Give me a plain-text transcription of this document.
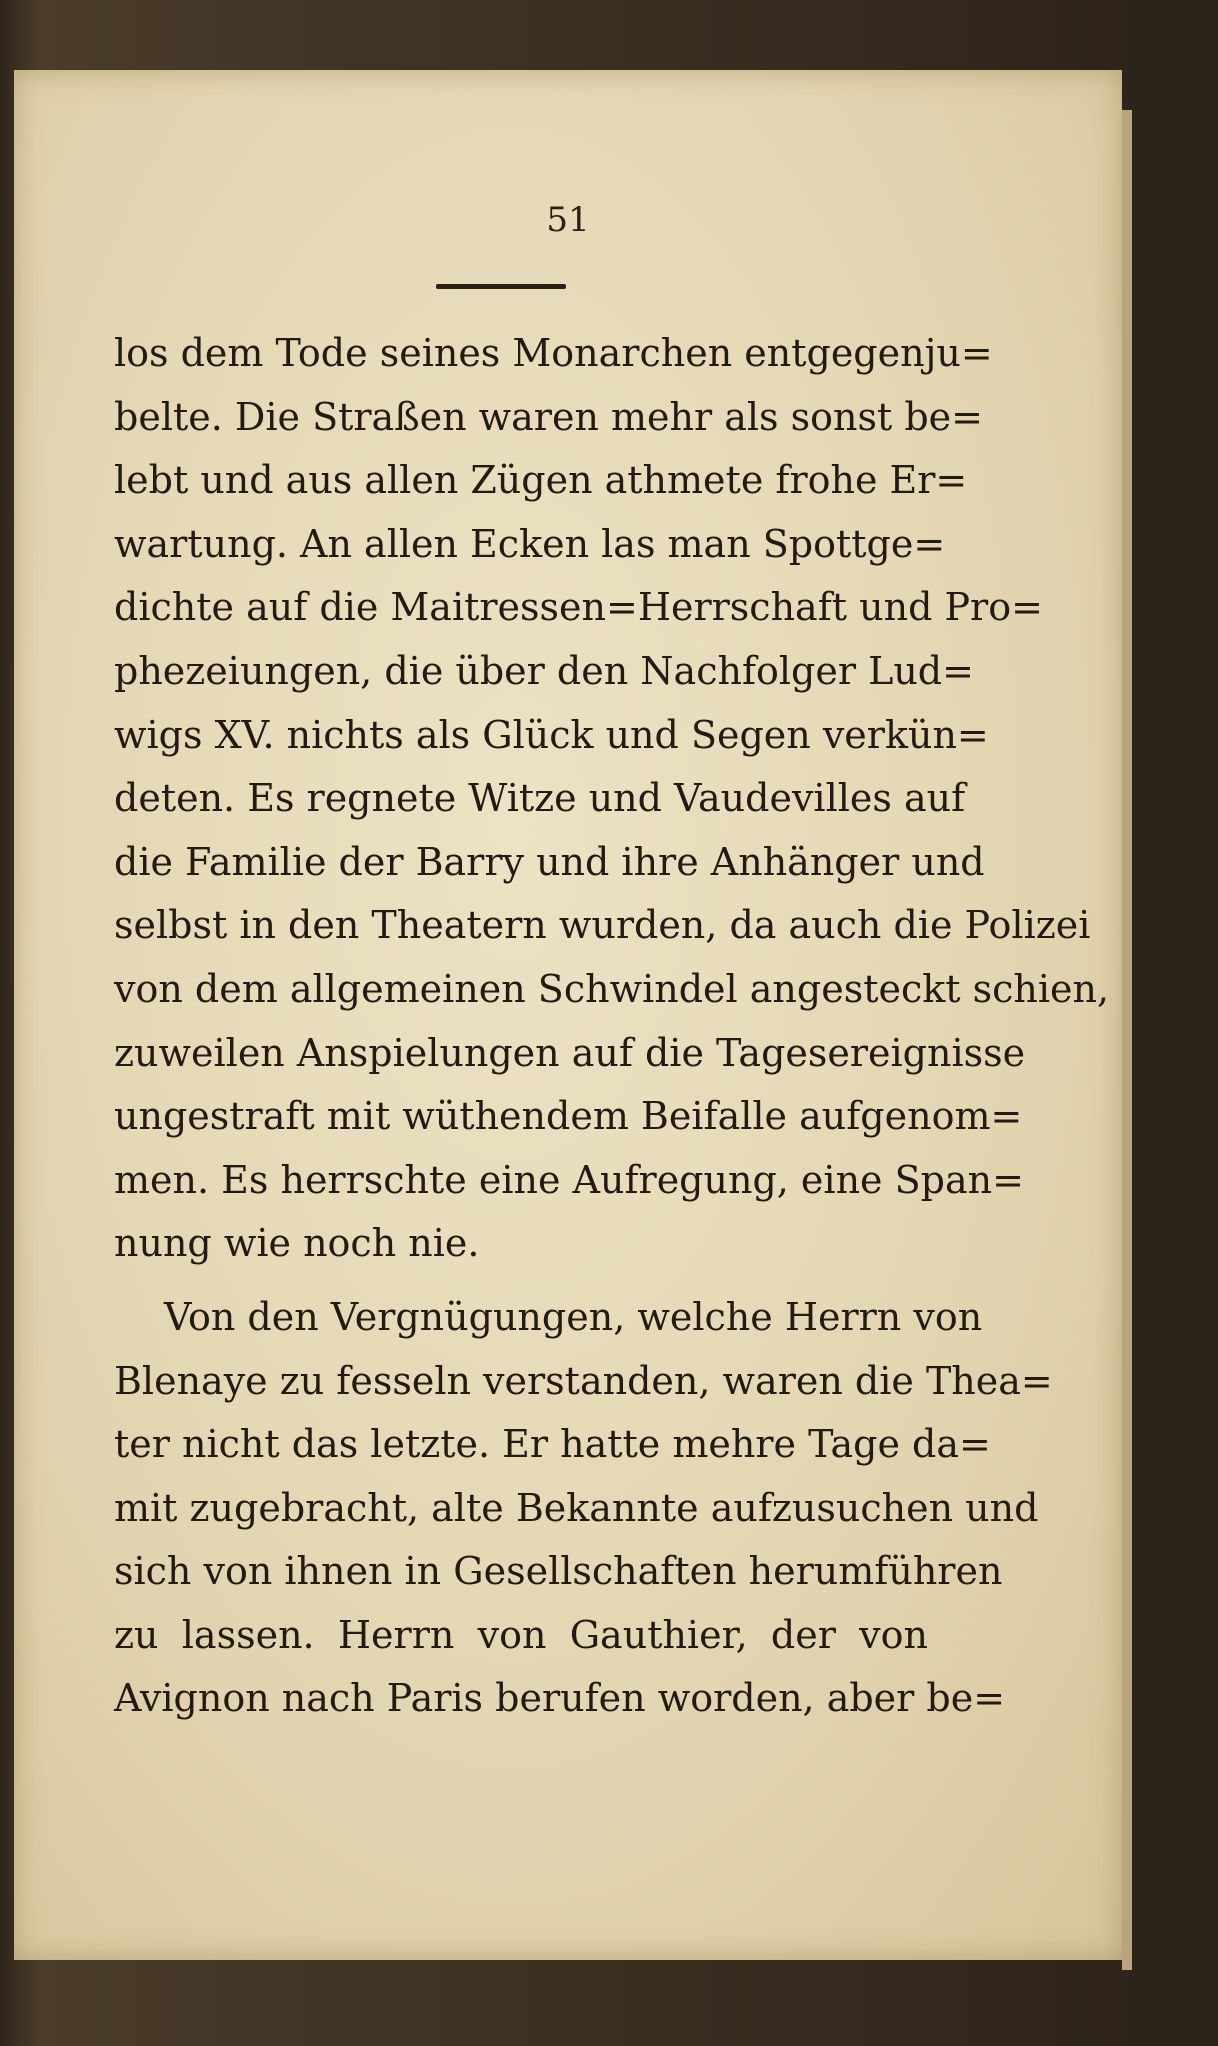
51
los dem Tode seines Monarchen entgegenju=
belte. Die Straßen waren mehr als sonst be=
lebt und aus allen Zügen athmete frohe Er=
wartung. An allen Ecken las man Spottge=
dichte auf die Maitressen=Herrschaft und Pro=
phezeiungen, die über den Nachfolger Lud=
wigs XV. nichts als Glück und Segen verkün=
deten. Es regnete Witze und Vaudevilles auf
die Familie der Barry und ihre Anhänger und
selbst in den Theatern wurden, da auch die Polizei
von dem allgemeinen Schwindel angesteckt schien,
zuweilen Anspielungen auf die Tagesereignisse
ungestraft mit wüthendem Beifalle aufgenom=
men. Es herrschte eine Aufregung, eine Span=
nung wie noch nie.
Von den Vergnügungen, welche Herrn von
Blenaye zu fesseln verstanden, waren die Thea=
ter nicht das letzte. Er hatte mehre Tage da=
mit zugebracht, alte Bekannte aufzusuchen und
sich von ihnen in Gesellschaften herumführen
zu lassen. Herrn von Gauthier, der von
Avignon nach Paris berufen worden, aber be=
